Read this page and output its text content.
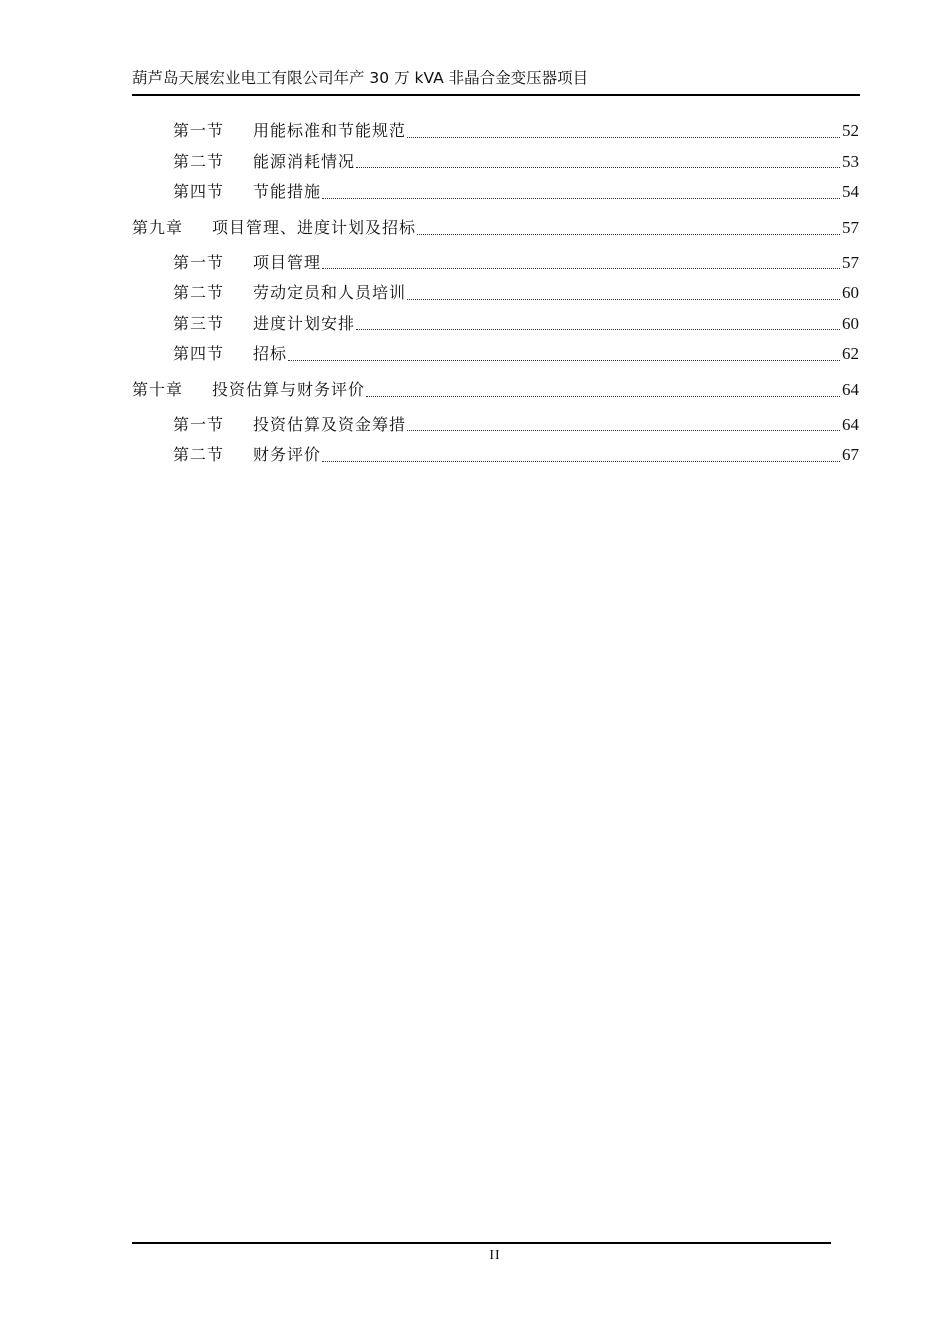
葫芦岛天展宏业电工有限公司年产 30 万 kVA 非晶合金变压器项目
第一节	用能标准和节能规范	52
第二节	能源消耗情况	53
第四节	节能措施	54
第九章	项目管理、进度计划及招标	57
第一节	项目管理	57
第二节	劳动定员和人员培训	60
第三节	进度计划安排	60
第四节	招标	62
第十章	投资估算与财务评价	64
第一节	投资估算及资金筹措	64
第二节	财务评价	67
II
